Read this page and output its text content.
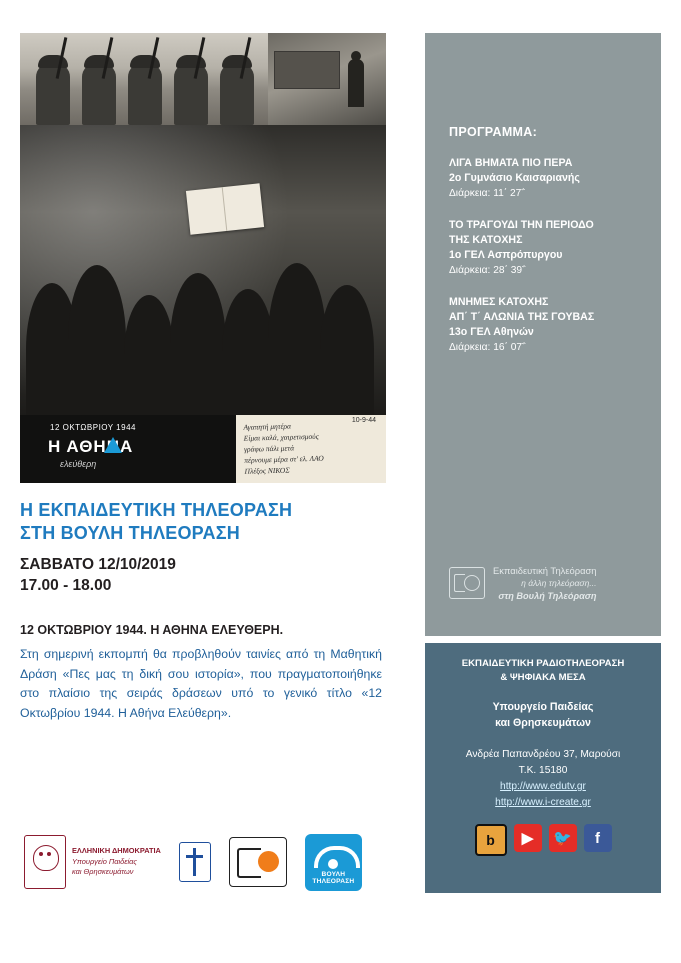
12 ΟΚΤΩΒΡΙΟΥ 1944
Η ΑΘΗΝΑ
ελεύθερη
10-9-44
Αγαπητή μητέρα
Είμαι καλά, χαιρετισμούς
γράφω πάλι μετά
πέρνουμε μέρα στ' ελ. ΛΑΟ
Πλέξος ΝΙΚΟΣ
Η ΕΚΠΑΙΔΕΥΤΙΚΗ ΤΗΛΕΟΡΑΣΗ
ΣΤΗ ΒΟΥΛΗ ΤΗΛΕΟΡΑΣΗ
ΣΑΒΒΑΤΟ 12/10/2019
17.00 - 18.00
12 ΟΚΤΩΒΡΙΟΥ 1944. Η ΑΘΗΝΑ ΕΛΕΥΘΕΡΗ.
Στη σημερινή εκπομπή θα προβληθούν ταινίες από τη Μαθητική Δράση «Πες μας τη δική σου ιστορία», που πραγματοποιήθηκε στο πλαίσιο της σειράς δράσεων υπό το γενικό τίτλο «12 Οκτωβρίου 1944. Η Αθήνα Ελεύθερη».
ΕΛΛΗΝΙΚΗ ΔΗΜΟΚΡΑΤΙΑ
Υπουργείο Παιδείας
και Θρησκευμάτων	ΒΟΥΛΗ
ΤΗΛΕΟΡΑΣΗ
ΠΡΟΓΡΑΜΜΑ:
ΛΙΓΑ ΒΗΜΑΤΑ ΠΙΟ ΠΕΡΑ
2ο Γυμνάσιο Καισαριανής
Διάρκεια: 11΄ 27΅
ΤΟ ΤΡΑΓΟΥΔΙ ΤΗΝ ΠΕΡΙΟΔΟ
ΤΗΣ ΚΑΤΟΧΗΣ
1ο ΓΕΛ Ασπρόπυργου
Διάρκεια: 28΄ 39΅
ΜΝΗΜΕΣ ΚΑΤΟΧΗΣ
ΑΠ΄ Τ΄ ΑΛΩΝΙΑ ΤΗΣ ΓΟΥΒΑΣ
13ο ΓΕΛ Αθηνών
Διάρκεια: 16΄ 07΅
Εκπαιδευτική Τηλεόραση
η άλλη τηλεόραση...
στη Βουλή Τηλεόραση
ΕΚΠΑΙΔΕΥΤΙΚΗ ΡΑΔΙΟΤΗΛΕΟΡΑΣΗ
& ΨΗΦΙΑΚΑ ΜΕΣΑ
Υπουργείο Παιδείας
και Θρησκευμάτων
Ανδρέα Παπανδρέου 37, Μαρούσι
Τ.Κ. 15180
http://www.edutv.gr
http://www.i-create.gr
b	▶	🐦	f
